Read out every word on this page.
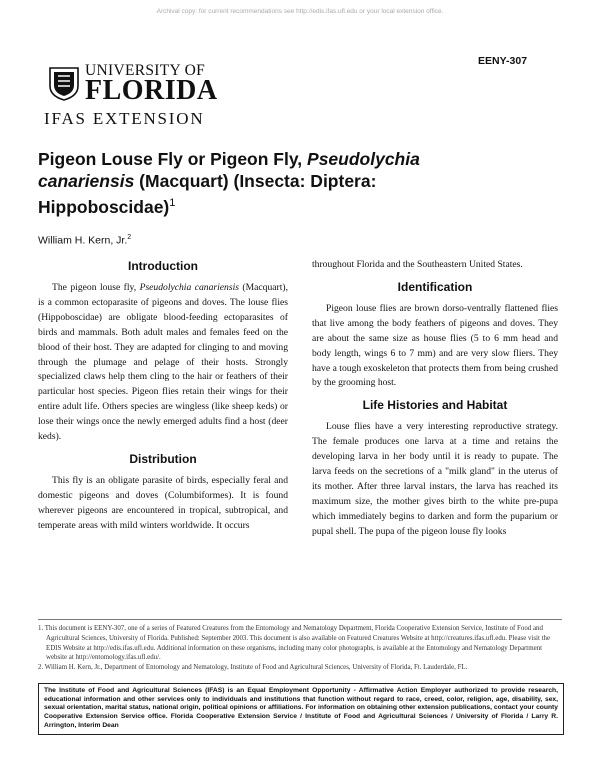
Archival copy: for current recommendations see http://edis.ifas.ufl.edu or your local extension office.
EENY-307
UNIVERSITY OF
FLORIDA
IFAS EXTENSION
Pigeon Louse Fly or Pigeon Fly, Pseudolychia canariensis (Macquart) (Insecta: Diptera: Hippoboscidae)$^1$
William H. Kern, Jr.$^2$
Introduction

The pigeon louse fly, Pseudolychia canariensis (Macquart), is a common ectoparasite of pigeons and doves. The louse flies (Hippoboscidae) are obligate blood-feeding ectoparasites of birds and mammals. Both adult males and females feed on the blood of their host. They are adapted for clinging to and moving through the plumage and pelage of their hosts. Strongly specialized claws help them cling to the hair or feathers of their particular host species. Pigeon flies retain their wings for their entire adult life. Others species are wingless (like sheep keds) or lose their wings once the newly emerged adults find a host (deer keds).

Distribution

This fly is an obligate parasite of birds, especially feral and domestic pigeons and doves (Columbiformes). It is found wherever pigeons are encountered in tropical, subtropical, and temperate areas with mild winters worldwide. It occurs

throughout Florida and the Southeastern United States.

Identification

Pigeon louse flies are brown dorso-ventrally flattened flies that live among the body feathers of pigeons and doves. They are about the same size as house flies (5 to 6 mm head and body length, wings 6 to 7 mm) and are very slow fliers. They have a tough exoskeleton that protects them from being crushed by the grooming host.

Life Histories and Habitat

Louse flies have a very interesting reproductive strategy. The female produces one larva at a time and retains the developing larva in her body until it is ready to pupate. The larva feeds on the secretions of a "milk gland" in the uterus of its mother. After three larval instars, the larva has reached its maximum size, the mother gives birth to the white pre-pupa which immediately begins to darken and form the puparium or pupal shell. The pupa of the pigeon louse fly looks

1. This document is EENY-307, one of a series of Featured Creatures from the Entomology and Nematology Department, Florida Cooperative Extension Service, Institute of Food and Agricultural Sciences, University of Florida. Published: September 2003. This document is also available on Featured Creatures Website at http://creatures.ifas.ufl.edu. Please visit the EDIS Website at http://edis.ifas.ufl.edu. Additional information on these organisms, including many color photographs, is available at the Entomology and Nematology Department website at http://entomology.ifas.ufl.edu/.

2. William H. Kern, Jr., Department of Entomology and Nematology, Institute of Food and Agricultural Sciences, University of Florida, Ft. Lauderdale, FL.

The Institute of Food and Agricultural Sciences (IFAS) is an Equal Employment Opportunity - Affirmative Action Employer authorized to provide research, educational information and other services only to individuals and institutions that function without regard to race, creed, color, religion, age, disability, sex, sexual orientation, marital status, national origin, political opinions or affiliations. For information on obtaining other extension publications, contact your county Cooperative Extension Service office. Florida Cooperative Extension Service / Institute of Food and Agricultural Sciences / University of Florida / Larry R. Arrington, Interim Dean
